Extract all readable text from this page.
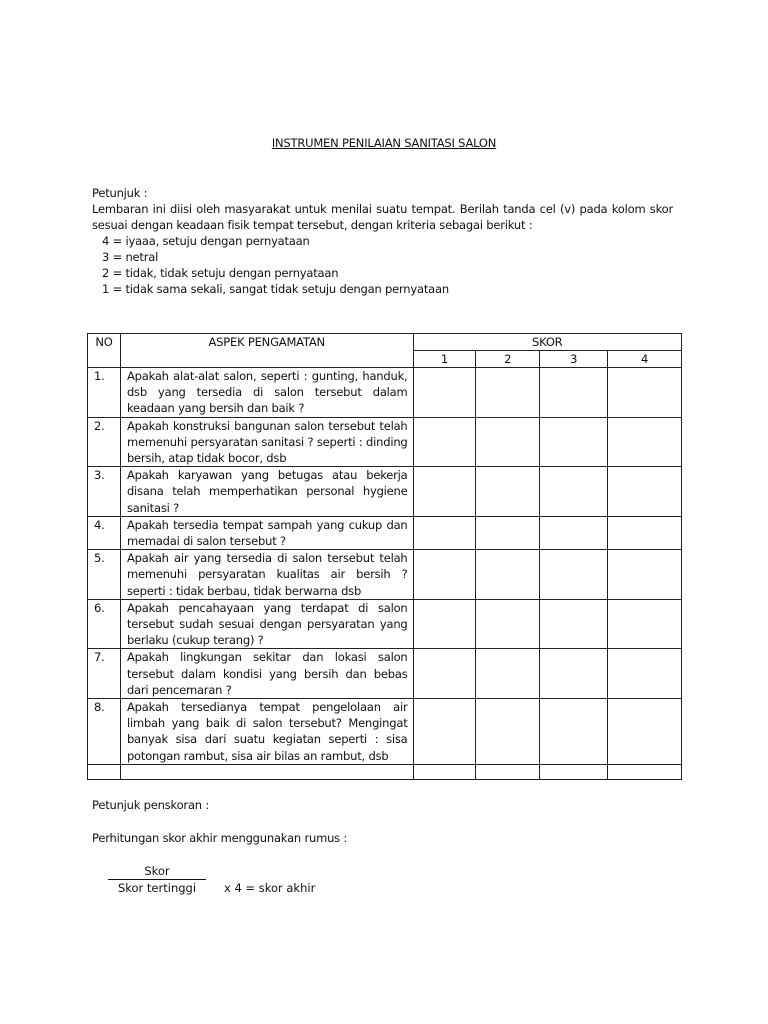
INSTRUMEN PENILAIAN SANITASI SALON

Petunjuk :

Lembaran ini diisi oleh masyarakat untuk menilai suatu tempat. Berilah tanda cel (v) pada kolom skor sesuai dengan keadaan fisik tempat tersebut, dengan kriteria sebagai berikut :

4 = iyaaa, setuju dengan pernyataan

3 = netral

2 = tidak, tidak setuju dengan pernyataan

1 = tidak sama sekali, sangat tidak setuju dengan pernyataan

NO	ASPEK PENGAMATAN	SKOR			
		1	2	3	4
1.	Apakah alat-alat salon, seperti : gunting, handuk, dsb yang tersedia di salon tersebut dalam keadaan yang bersih dan baik ?				
2.	Apakah konstruksi bangunan salon tersebut telah memenuhi persyaratan sanitasi ? seperti : dinding bersih, atap tidak bocor, dsb				
3.	Apakah karyawan yang betugas atau bekerja disana telah memperhatikan personal hygiene sanitasi ?				
4.	Apakah tersedia tempat sampah yang cukup dan memadai di salon tersebut ?				
5.	Apakah air yang tersedia di salon tersebut telah memenuhi persyaratan kualitas air bersih ? seperti : tidak berbau, tidak berwarna dsb				
6.	Apakah pencahayaan yang terdapat di salon tersebut sudah sesuai dengan persyaratan yang berlaku (cukup terang) ?				
7.	Apakah lingkungan sekitar dan lokasi salon tersebut dalam kondisi yang bersih dan bebas dari pencemaran ?				
8.	Apakah tersedianya tempat pengelolaan air limbah yang baik di salon tersebut? Mengingat banyak sisa dari suatu kegiatan seperti : sisa potongan rambut, sisa air bilas an rambut, dsb				

Petunjuk penskoran :
Perhitungan skor akhir menggunakan rumus :
Skor
Skor tertinggi	x 4 = skor akhir
